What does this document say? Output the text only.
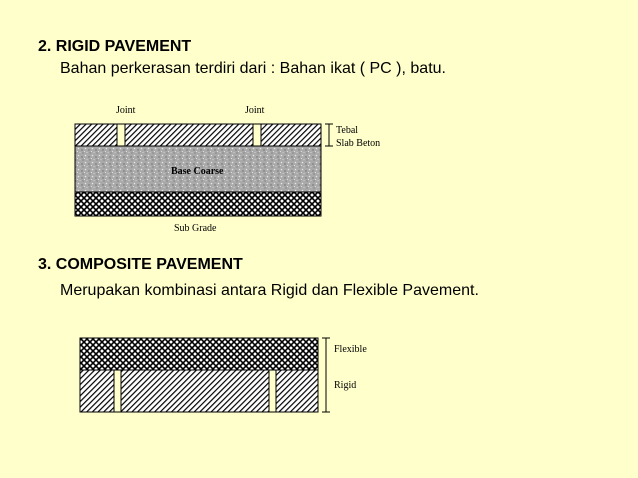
2. RIGID PAVEMENT
Bahan perkerasan terdiri dari : Bahan ikat ( PC ), batu.
3. COMPOSITE PAVEMENT
Merupakan kombinasi antara Rigid dan Flexible Pavement.
Joint	Joint
Tebal
Slab Beton
Base Coarse
Sub Grade
Flexible
Rigid
